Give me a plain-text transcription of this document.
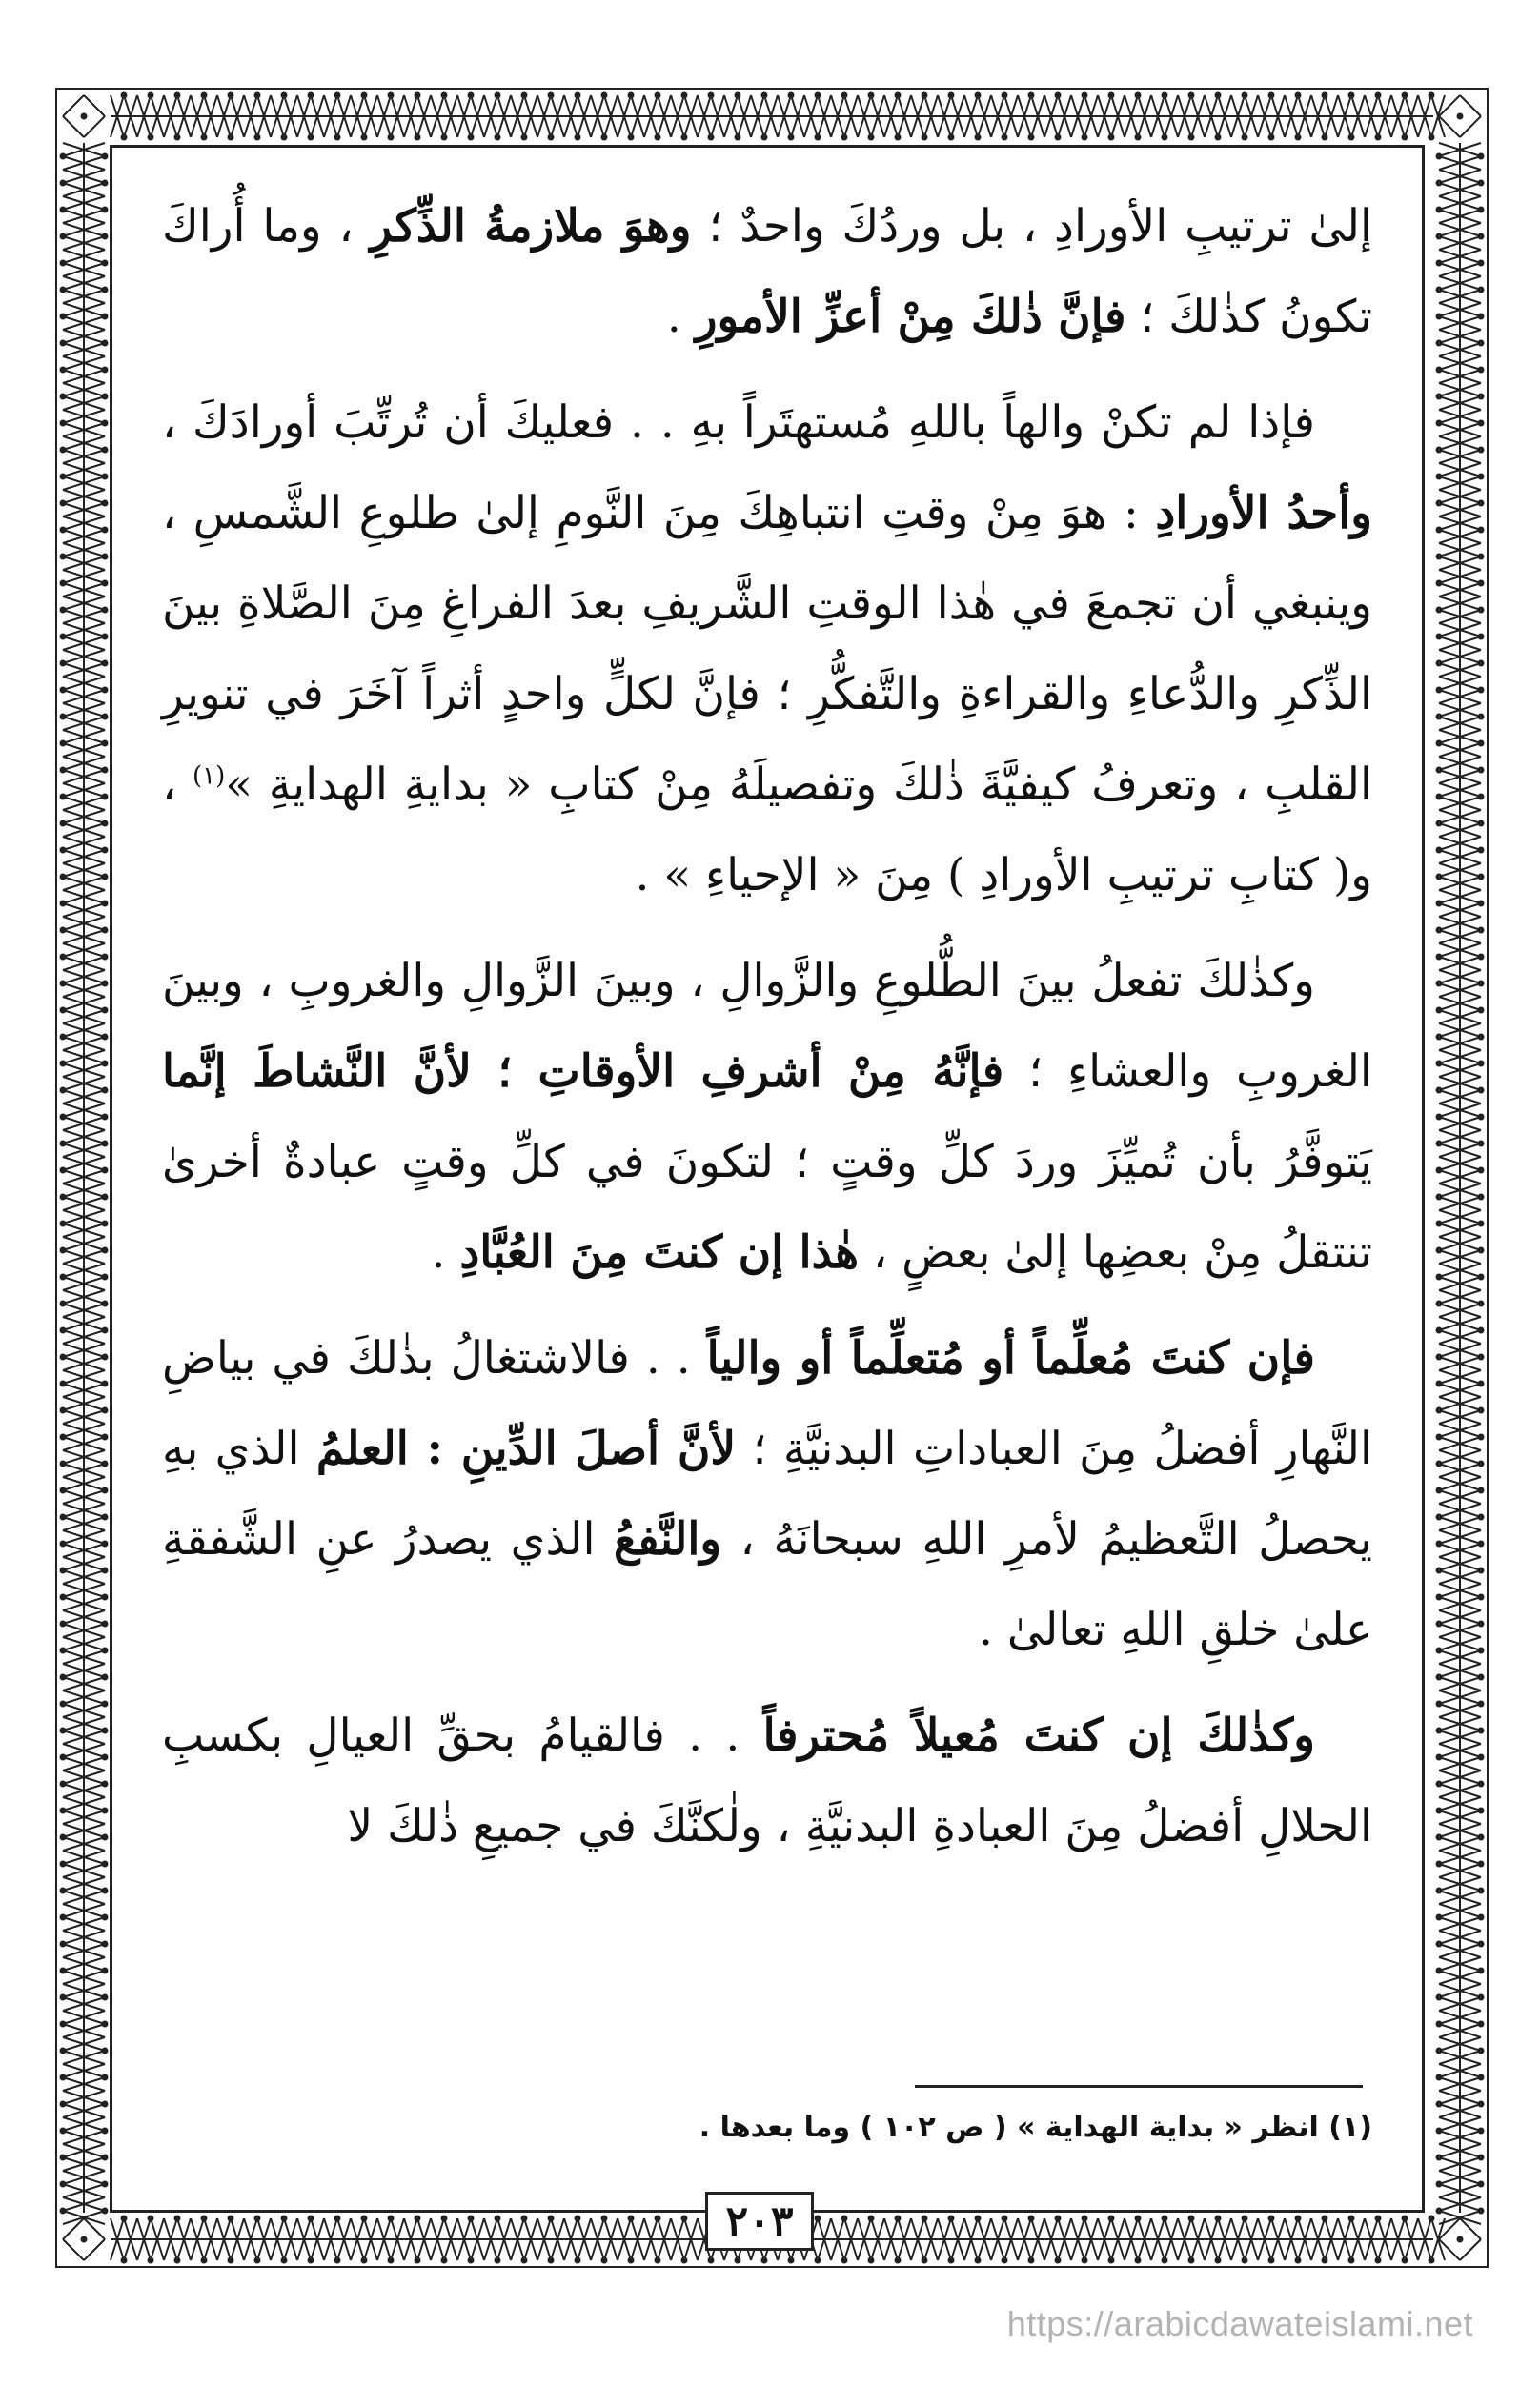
إلىٰ ترتيبِ الأورادِ ، بل وردُكَ واحدٌ ؛ وهوَ ملازمةُ الذِّكرِ ، وما أُراكَ تكونُ كذٰلكَ ؛ فإنَّ ذٰلكَ مِنْ أعزِّ الأمورِ .

فإذا لم تكنْ والهاً باللهِ مُستهتَراً بهِ . . فعليكَ أن تُرتِّبَ أورادَكَ ، وأحدُ الأورادِ : هوَ مِنْ وقتِ انتباهِكَ مِنَ النَّومِ إلىٰ طلوعِ الشَّمسِ ، وينبغي أن تجمعَ في هٰذا الوقتِ الشَّريفِ بعدَ الفراغِ مِنَ الصَّلاةِ بينَ الذِّكرِ والدُّعاءِ والقراءةِ والتَّفكُّرِ ؛ فإنَّ لكلٍّ واحدٍ أثراً آخَرَ في تنويرِ القلبِ ، وتعرفُ كيفيَّةَ ذٰلكَ وتفصيلَهُ مِنْ كتابِ « بدايةِ الهدايةِ »$^{(١)}$ ، و( كتابِ ترتيبِ الأورادِ ) مِنَ « الإحياءِ » .

وكذٰلكَ تفعلُ بينَ الطُّلوعِ والزَّوالِ ، وبينَ الزَّوالِ والغروبِ ، وبينَ الغروبِ والعشاءِ ؛ فإنَّهُ مِنْ أشرفِ الأوقاتِ ؛ لأنَّ النَّشاطَ إنَّما يَتوفَّرُ بأن تُميِّزَ وردَ كلِّ وقتٍ ؛ لتكونَ في كلِّ وقتٍ عبادةٌ أخرىٰ تنتقلُ مِنْ بعضِها إلىٰ بعضٍ ، هٰذا إن كنتَ مِنَ العُبَّادِ .

فإن كنتَ مُعلِّماً أو مُتعلِّماً أو والياً . . فالاشتغالُ بذٰلكَ في بياضِ النَّهارِ أفضلُ مِنَ العباداتِ البدنيَّةِ ؛ لأنَّ أصلَ الدِّينِ : العلمُ الذي بهِ يحصلُ التَّعظيمُ لأمرِ اللهِ سبحانَهُ ، والنَّفعُ الذي يصدرُ عنِ الشَّفقةِ علىٰ خلقِ اللهِ تعالىٰ .

وكذٰلكَ إن كنتَ مُعيلاً مُحترفاً . . فالقيامُ بحقِّ العيالِ بكسبِ الحلالِ أفضلُ مِنَ العبادةِ البدنيَّةِ ، ولٰكنَّكَ في جميعِ ذٰلكَ لا

(١) انظر « بداية الهداية » ( ص ١٠٢ ) وما بعدها .
٢٠٣
https://arabicdawateislami.net
